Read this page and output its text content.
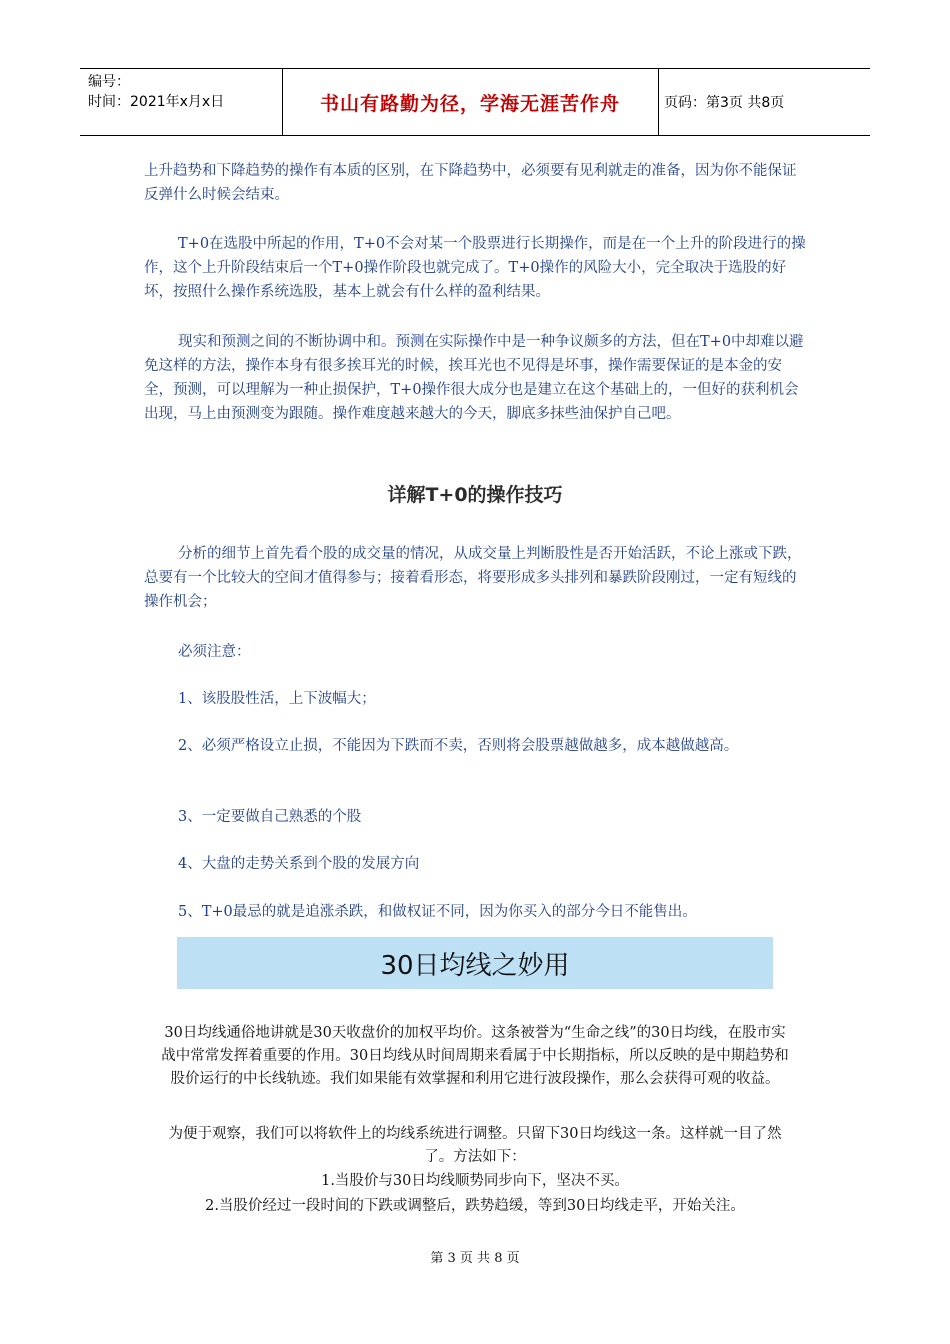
编号：
时间：2021年x月x日	书山有路勤为径，学海无涯苦作舟	页码：第3页 共8页
上升趋势和下降趋势的操作有本质的区别，在下降趋势中，必须要有见利就走的准备，因为你不能保证反弹什么时候会结束。
T+0在选股中所起的作用，T+0不会对某一个股票进行长期操作，而是在一个上升的阶段进行的操作，这个上升阶段结束后一个T+0操作阶段也就完成了。T+0操作的风险大小，完全取决于选股的好坏，按照什么操作系统选股，基本上就会有什么样的盈利结果。
现实和预测之间的不断协调中和。预测在实际操作中是一种争议颇多的方法，但在T+0中却难以避免这样的方法，操作本身有很多挨耳光的时候，挨耳光也不见得是坏事，操作需要保证的是本金的安全，预测，可以理解为一种止损保护，T+0操作很大成分也是建立在这个基础上的，一但好的获利机会出现，马上由预测变为跟随。操作难度越来越大的今天，脚底多抹些油保护自己吧。
详解T+0的操作技巧
分析的细节上首先看个股的成交量的情况，从成交量上判断股性是否开始活跃，不论上涨或下跌，总要有一个比较大的空间才值得参与；接着看形态，将要形成多头排列和暴跌阶段刚过，一定有短线的操作机会；
必须注意：
1、该股股性活，上下波幅大；
2、必须严格设立止损，不能因为下跌而不卖，否则将会股票越做越多，成本越做越高。
3、一定要做自己熟悉的个股
4、大盘的走势关系到个股的发展方向
5、T+0最忌的就是追涨杀跌，和做权证不同，因为你买入的部分今日不能售出。
30日均线之妙用
30日均线通俗地讲就是30天收盘价的加权平均价。这条被誉为“生命之线”的30日均线，在股市实战中常常发挥着重要的作用。30日均线从时间周期来看属于中长期指标，所以反映的是中期趋势和股价运行的中长线轨迹。我们如果能有效掌握和利用它进行波段操作，那么会获得可观的收益。
为便于观察，我们可以将软件上的均线系统进行调整。只留下30日均线这一条。这样就一目了然了。方法如下：
1.当股价与30日均线顺势同步向下，坚决不买。
2.当股价经过一段时间的下跌或调整后，跌势趋缓，等到30日均线走平，开始关注。
第 3 页 共 8 页
